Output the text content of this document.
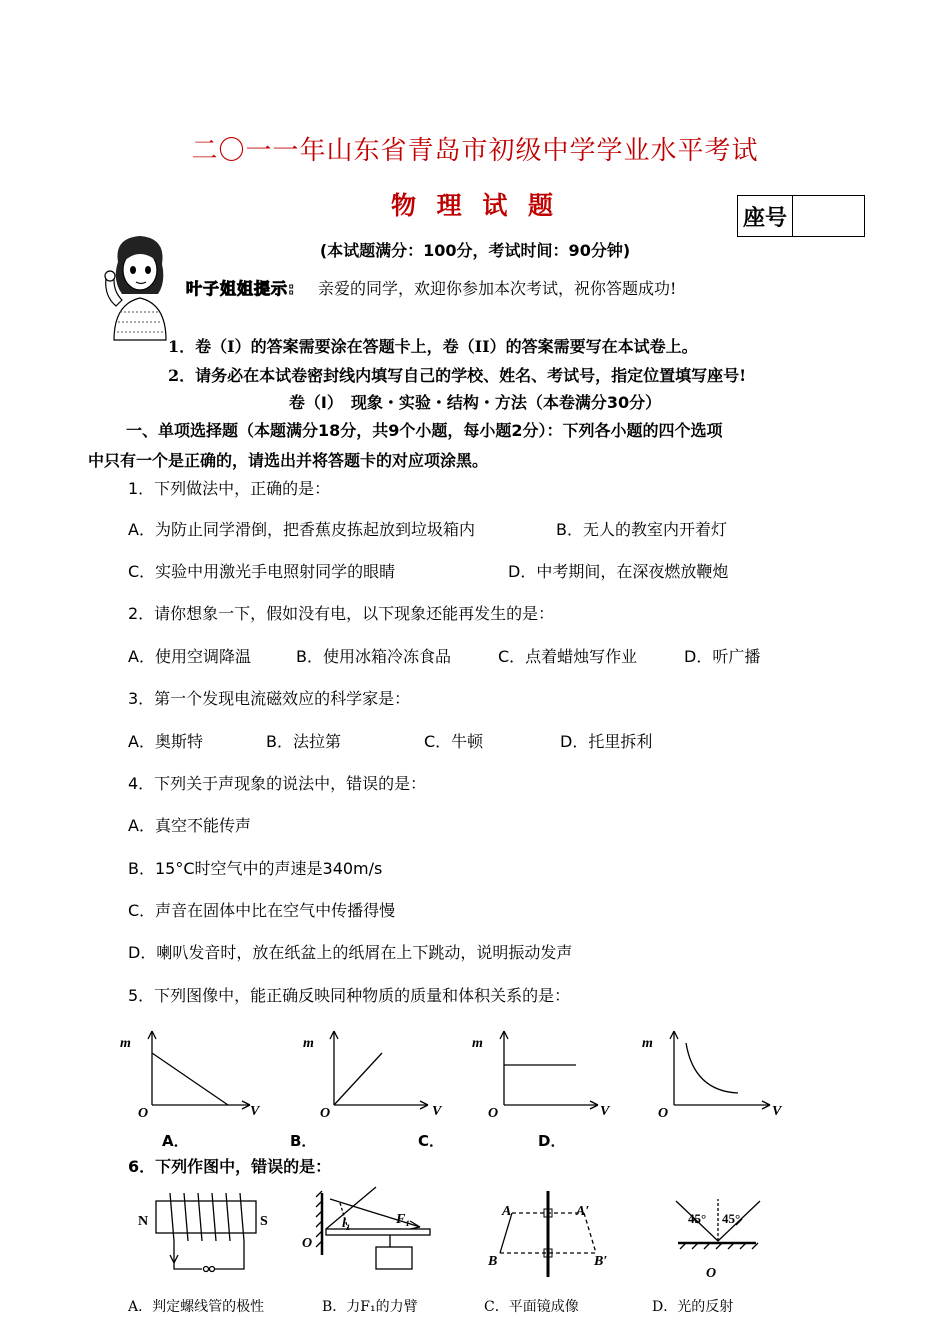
二〇一一年山东省青岛市初级中学学业水平考试
物 理 试 题	座号
(本试题满分：100分，考试时间：90分钟)
叶子姐姐提示: 亲爱的同学，欢迎你参加本次考试，祝你答题成功!
1．卷（I）的答案需要涂在答题卡上，卷（II）的答案需要写在本试卷上。
2．请务必在本试卷密封线内填写自己的学校、姓名、考试号，指定位置填写座号!
卷（I）　现象・实验・结构・方法（本卷满分30分）
一、单项选择题（本题满分18分，共9个小题，每小题2分）：下列各小题的四个选项
中只有一个是正确的，请选出并将答题卡的对应项涂黑。
1．下列做法中，正确的是：
A．为防止同学滑倒，把香蕉皮拣起放到垃圾箱内	B．无人的教室内开着灯
C．实验中用激光手电照射同学的眼睛	D．中考期间，在深夜燃放鞭炮
2．请你想象一下，假如没有电，以下现象还能再发生的是：
A．使用空调降温	B．使用冰箱冷冻食品	C．点着蜡烛写作业	D．听广播
3．第一个发现电流磁效应的科学家是：
A．奥斯特	B．法拉第	C．牛顿	D．托里拆利
4．下列关于声现象的说法中，错误的是：
A．真空不能传声
B．15°C时空气中的声速是340m/s
C．声音在固体中比在空气中传播得慢
D．喇叭发音时，放在纸盆上的纸屑在上下跳动，说明振动发声
5．下列图像中，能正确反映同种物质的质量和体积关系的是：
m
O	V
m
O	V
m
O	V
m
O	V
A．	B．	C．	D．
6．下列作图中，错误的是：
N	S
O
F₁
l₁
A	A′
B	B′
45° 45°
O
A．判定螺线管的极性	B．力F₁的力臂	C．平面镜成像	D．光的反射
